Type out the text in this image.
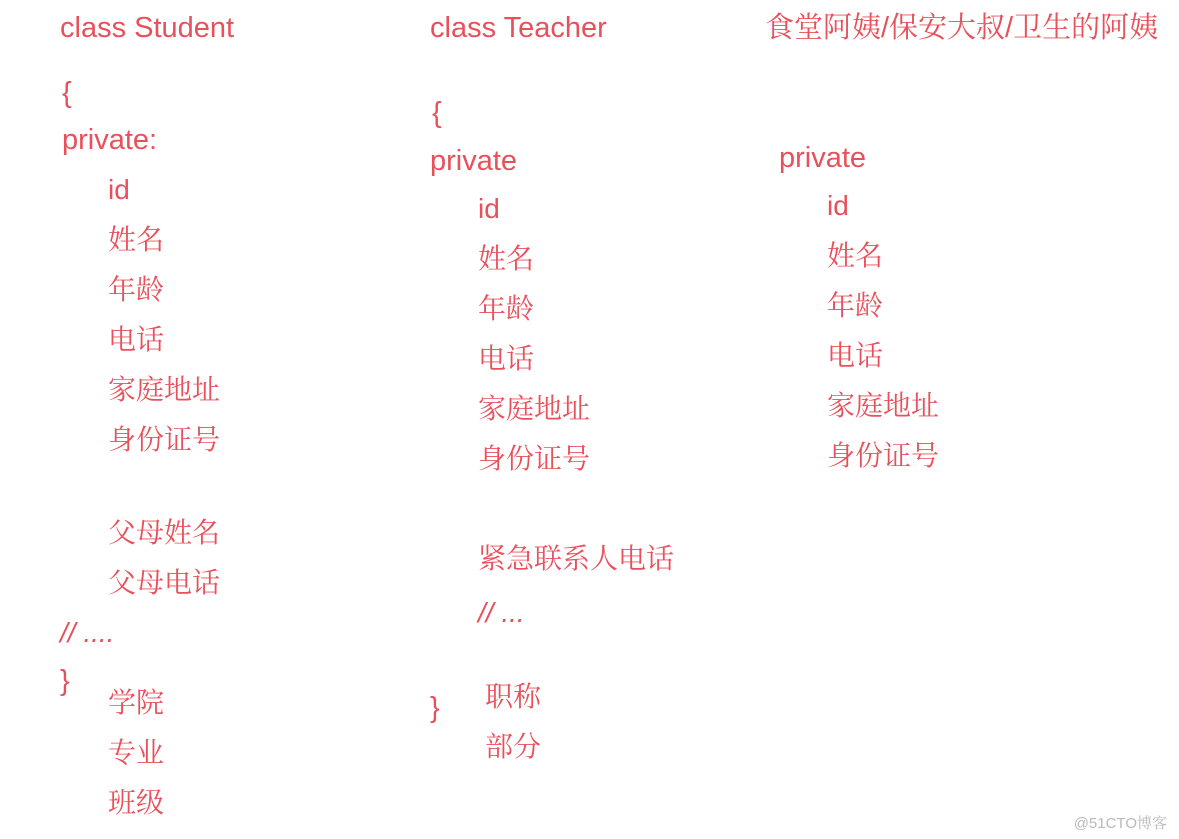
class Student
{
private:
id
姓名
年龄
电话
家庭地址
身份证号
父母姓名
父母电话
// ....
}
学院
专业
班级
class Teacher
{
private
id
姓名
年龄
电话
家庭地址
身份证号
紧急联系人电话
// ...
} 职称
部分
食堂阿姨/保安大叔/卫生的阿姨
private
id
姓名
年龄
电话
家庭地址
身份证号
@51CTO博客
